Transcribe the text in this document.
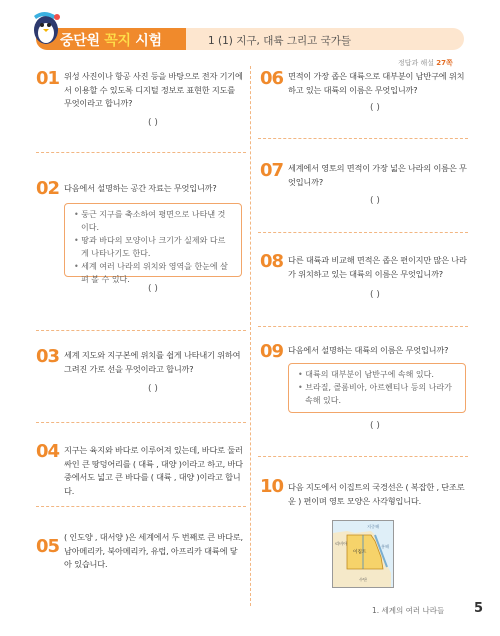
중단원 꼭지 시험	1 (1) 지구, 대륙 그리고 국가들
정답과 해설 27쪽
01 위성 사진이나 항공 사진 등을 바탕으로 전자 기기에 서 이용할 수 있도록 디지털 정보로 표현한 지도를 무엇이라고 합니까?
( )
02 다음에서 설명하는 공간 자료는 무엇입니까?
• 둥근 지구를 축소하여 평면으로 나타낸 것이다.
• 땅과 바다의 모양이나 크기가 실제와 다르게 나타나기도 한다.
• 세계 여러 나라의 위치와 영역을 한눈에 살펴 볼 수 있다.
( )
03 세계 지도와 지구본에 위치를 쉽게 나타내기 위하여 그려진 가로 선을 무엇이라고 합니까?
( )
04 지구는 육지와 바다로 이루어져 있는데, 바다로 둘러 싸인 큰 땅덩어리를 ( 대륙 , 대양 )이라고 하고, 바다 중에서도 넓고 큰 바다를 ( 대륙 , 대양 )이라고 합니다.
05 ( 인도양 , 대서양 )은 세계에서 두 번째로 큰 바다로, 남아메리카, 북아메리카, 유럽, 아프리카 대륙에 닿아 있습니다.
06 면적이 가장 좁은 대륙으로 대부분이 남반구에 위치하고 있는 대륙의 이름은 무엇입니까?
( )
07 세계에서 영토의 면적이 가장 넓은 나라의 이름은 무엇입니까?
( )
08 다른 대륙과 비교해 면적은 좁은 편이지만 많은 나라가 위치하고 있는 대륙의 이름은 무엇입니까?
( )
09 다음에서 설명하는 대륙의 이름은 무엇입니까?
• 대륙의 대부분이 남반구에 속해 있다.
• 브라질, 콜롬비아, 아르헨티나 등의 나라가 속해 있다.
( )
10 다음 지도에서 이집트의 국경선은 ( 복잡한 , 단조로운 ) 편이며 영토 모양은 사각형입니다.
지중해
홍해
리비아
이집트
수단
1. 세계의 여러 나라들 5
